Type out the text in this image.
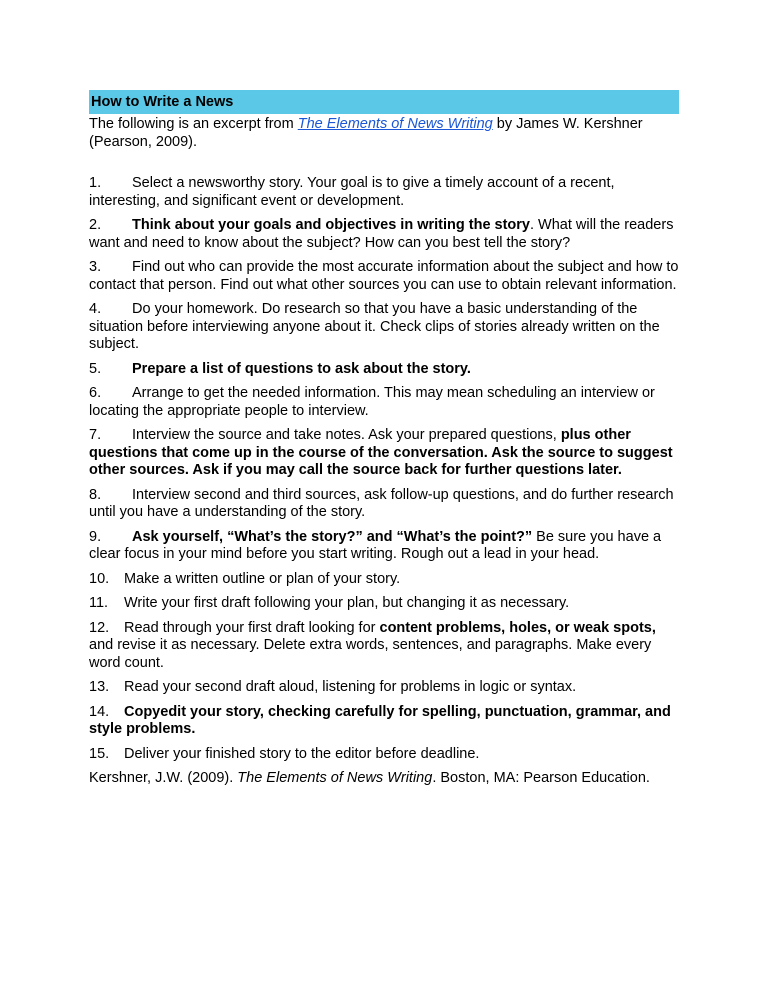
How to Write a News

The following is an excerpt from The Elements of News Writing by James W. Kershner (Pearson, 2009).

1. Select a newsworthy story. Your goal is to give a timely account of a recent, interesting, and significant event or development.

2. Think about your goals and objectives in writing the story. What will the readers want and need to know about the subject? How can you best tell the story?

3. Find out who can provide the most accurate information about the subject and how to contact that person. Find out what other sources you can use to obtain relevant information.

4. Do your homework. Do research so that you have a basic understanding of the situation before interviewing anyone about it. Check clips of stories already written on the subject.

5. Prepare a list of questions to ask about the story.

6. Arrange to get the needed information. This may mean scheduling an interview or locating the appropriate people to interview.

7. Interview the source and take notes. Ask your prepared questions, plus other questions that come up in the course of the conversation. Ask the source to suggest other sources. Ask if you may call the source back for further questions later.

8. Interview second and third sources, ask follow-up questions, and do further research until you have a understanding of the story.

9. Ask yourself, “What’s the story?” and “What’s the point?” Be sure you have a clear focus in your mind before you start writing. Rough out a lead in your head.

10. Make a written outline or plan of your story.

11. Write your first draft following your plan, but changing it as necessary.

12. Read through your first draft looking for content problems, holes, or weak spots, and revise it as necessary. Delete extra words, sentences, and paragraphs. Make every word count.

13. Read your second draft aloud, listening for problems in logic or syntax.

14. Copyedit your story, checking carefully for spelling, punctuation, grammar, and style problems.

15. Deliver your finished story to the editor before deadline.

Kershner, J.W. (2009). The Elements of News Writing. Boston, MA: Pearson Education.
